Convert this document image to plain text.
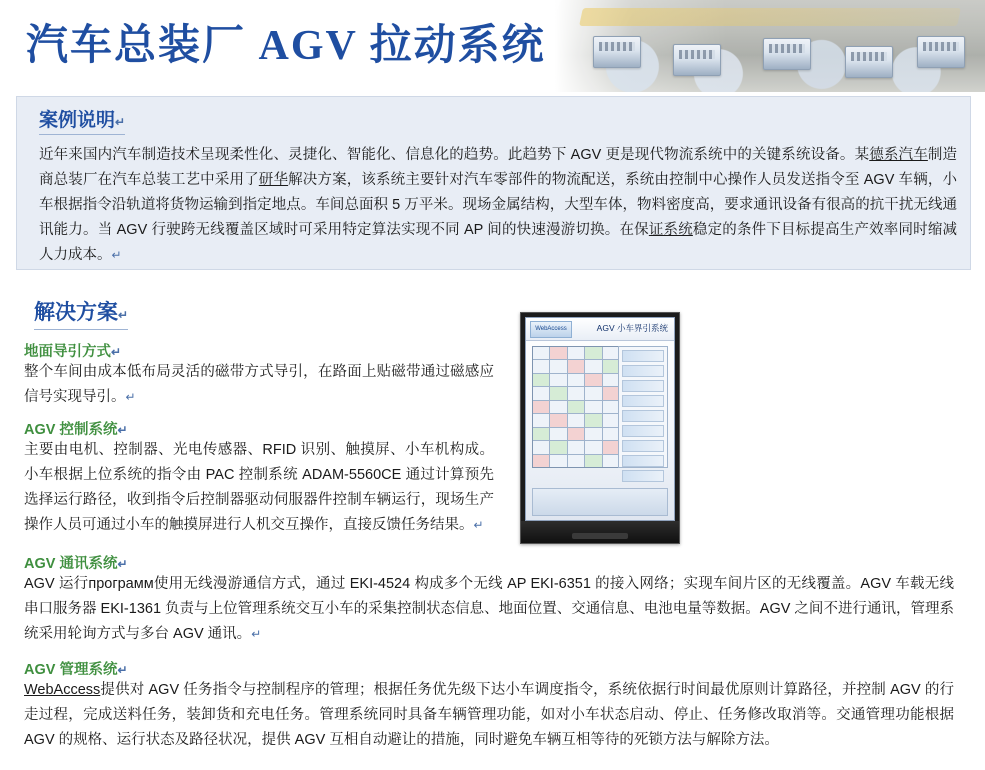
汽车总装厂 AGV 拉动系统
案例说明↵
近年来国内汽车制造技术呈现柔性化、灵捷化、智能化、信息化的趋势。此趋势下 AGV 更是现代物流系统中的关键系统设备。某德系汽车制造商总装厂在汽车总装工艺中采用了研华解决方案，该系统主要针对汽车零部件的物流配送，系统由控制中心操作人员发送指令至 AGV 车辆，小车根据指令沿轨道将货物运输到指定地点。车间总面积 5 万平米。现场金属结构，大型车体，物料密度高，要求通讯设备有很高的抗干扰无线通讯能力。当 AGV 行驶跨无线覆盖区域时可采用特定算法实现不同 AP 间的快速漫游切换。在保证系统稳定的条件下目标提高生产效率同时缩减人力成本。↵
解决方案↵
地面导引方式↵
整个车间由成本低布局灵活的磁带方式导引，在路面上贴磁带通过磁感应信号实现导引。↵
AGV 控制系统↵
主要由电机、控制器、光电传感器、RFID 识别、触摸屏、小车机构成。小车根据上位系统的指令由 PAC 控制系统 ADAM-5560CE 通过计算预先选择运行路径，收到指令后控制器驱动伺服器件控制车辆运行，现场生产操作人员可通过小车的触摸屏进行人机交互操作，直接反馈任务结果。↵
AGV 通讯系统↵
AGV 运行программ使用无线漫游通信方式，通过 EKI-4524 构成多个无线 AP EKI-6351 的接入网络；实现车间片区的无线覆盖。AGV 车载无线串口服务器 EKI-1361 负责与上位管理系统交互小车的采集控制状态信息、地面位置、交通信息、电池电量等数据。AGV 之间不进行通讯，管理系统采用轮询方式与多台 AGV 通讯。↵
AGV 管理系统↵
WebAccess提供对 AGV 任务指令与控制程序的管理；根据任务优先级下达小车调度指令，系统依据行时间最优原则计算路径，并控制 AGV 的行走过程，完成送料任务，装卸货和充电任务。管理系统同时具备车辆管理功能，如对小车状态启动、停止、任务修改取消等。交通管理功能根据 AGV 的规格、运行状态及路径状况，提供 AGV 互相自动避让的措施，同时避免车辆互相等待的死锁方法与解除方法。
WebAccess	AGV 小车界引系统
